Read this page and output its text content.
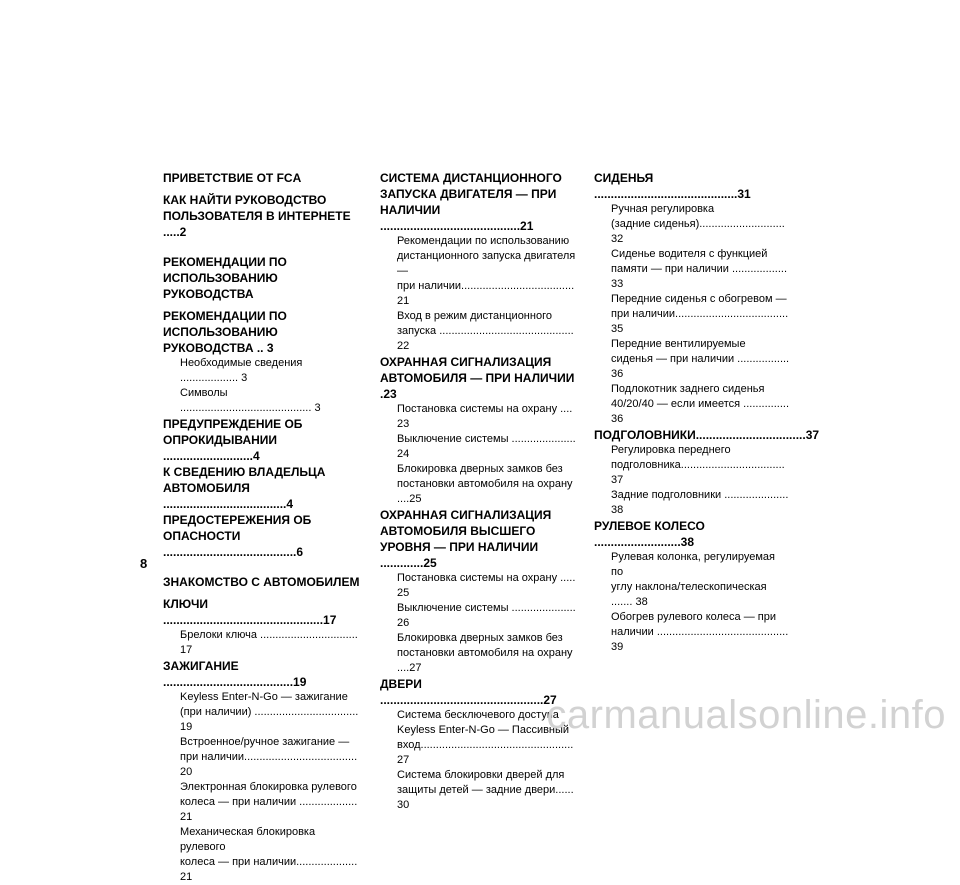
ПРИВЕТСТВИЕ ОТ FCA
КАК НАЙТИ РУКОВОДСТВО
ПОЛЬЗОВАТЕЛЯ В ИНТЕРНЕТЕ .....2
РЕКОМЕНДАЦИИ ПО
ИСПОЛЬЗОВАНИЮ РУКОВОДСТВА
РЕКОМЕНДАЦИИ ПО
ИСПОЛЬЗОВАНИЮ РУКОВОДСТВА .. 3
Необходимые сведения ................... 3
Символы ........................................... 3
ПРЕДУПРЕЖДЕНИЕ ОБ
ОПРОКИДЫВАНИИ ...........................4
К СВЕДЕНИЮ ВЛАДЕЛЬЦА
АВТОМОБИЛЯ .....................................4
ПРЕДОСТЕРЕЖЕНИЯ ОБ
ОПАСНОСТИ ........................................6
ЗНАКОМСТВО С АВТОМОБИЛЕМ
КЛЮЧИ ................................................17
Брелоки ключа ................................ 17
ЗАЖИГАНИЕ .......................................19
Keyless Enter-N-Go — зажигание
(при наличии) .................................. 19
Встроенное/ручное зажигание —
при наличии..................................... 20
Электронная блокировка рулевого
колеса — при наличии ................... 21
Механическая блокировка рулевого
колеса — при наличии.................... 21
СИСТЕМА ДИСТАНЦИОННОГО
ЗАПУСКА ДВИГАТЕЛЯ — ПРИ
НАЛИЧИИ ..........................................21
Рекомендации по использованию
дистанционного запуска двигателя —
при наличии..................................... 21
Вход в режим дистанционного
запуска ............................................ 22
ОХРАННАЯ СИГНАЛИЗАЦИЯ
АВТОМОБИЛЯ — ПРИ НАЛИЧИИ .23
Постановка системы на охрану .... 23
Выключение системы ..................... 24
Блокировка дверных замков без
постановки автомобиля на охрану ....25
ОХРАННАЯ СИГНАЛИЗАЦИЯ
АВТОМОБИЛЯ ВЫСШЕГО
УРОВНЯ — ПРИ НАЛИЧИИ .............25
Постановка системы на охрану ..... 25
Выключение системы ..................... 26
Блокировка дверных замков без
постановки автомобиля на охрану ....27
ДВЕРИ .................................................27
Система бесключевого доступа
Keyless Enter-N-Go — Пассивный
вход.................................................. 27
Система блокировки дверей для
защиты детей — задние двери...... 30
СИДЕНЬЯ ...........................................31
Ручная регулировка
(задние сиденья)............................ 32
Сиденье водителя с функцией
памяти — при наличии .................. 33
Передние сиденья с обогревом —
при наличии..................................... 35
Передние вентилируемые
сиденья — при наличии ................. 36
Подлокотник заднего сиденья
40/20/40 — если имеется ............... 36
ПОДГОЛОВНИКИ.................................37
Регулировка переднего
подголовника.................................. 37
Задние подголовники ..................... 38
РУЛЕВОЕ КОЛЕСО ..........................38
Рулевая колонка, регулируемая по
углу наклона/телескопическая ....... 38
Обогрев рулевого колеса — при
наличии ........................................... 39
8
carmanualsonline.info
